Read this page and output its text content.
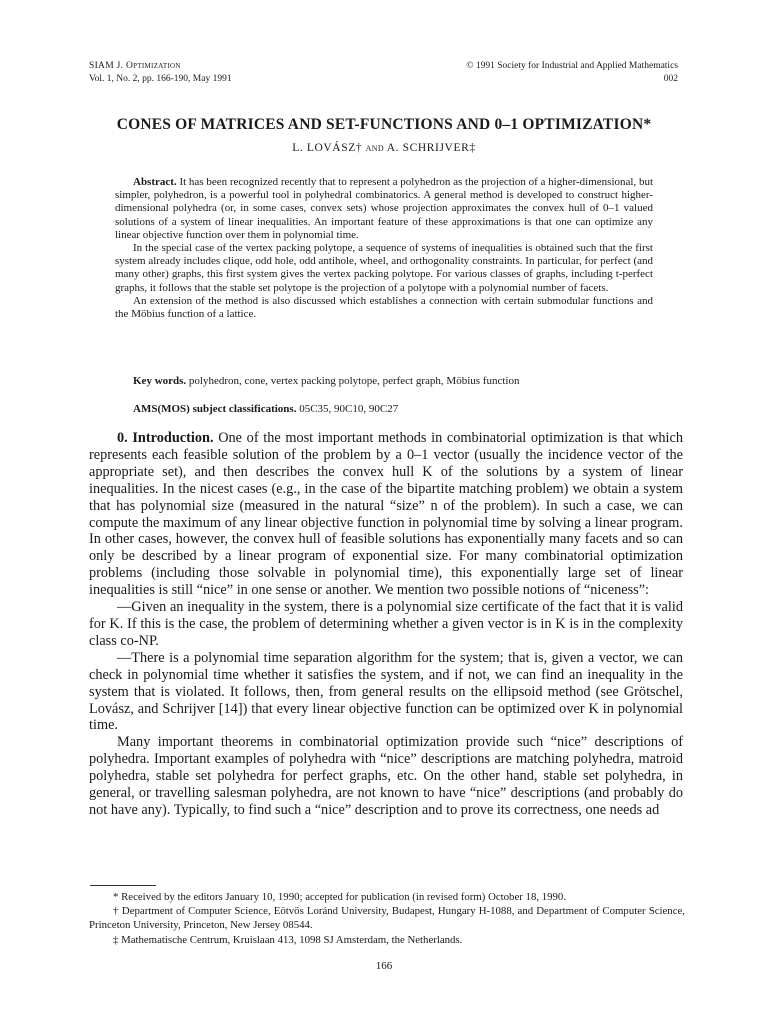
SIAM J. Optimization
Vol. 1, No. 2, pp. 166-190, May 1991
© 1991 Society for Industrial and Applied Mathematics
002
CONES OF MATRICES AND SET-FUNCTIONS AND 0–1 OPTIMIZATION*
L. LOVÁSZ† and A. SCHRIJVER‡

Abstract. It has been recognized recently that to represent a polyhedron as the projection of a higher-dimensional, but simpler, polyhedron, is a powerful tool in polyhedral combinatorics. A general method is developed to construct higher-dimensional polyhedra (or, in some cases, convex sets) whose projection approximates the convex hull of 0–1 valued solutions of a system of linear inequalities. An important feature of these approximations is that one can optimize any linear objective function over them in polynomial time.

In the special case of the vertex packing polytope, a sequence of systems of inequalities is obtained such that the first system already includes clique, odd hole, odd antihole, wheel, and orthogonality constraints. In particular, for perfect (and many other) graphs, this first system gives the vertex packing polytope. For various classes of graphs, including t-perfect graphs, it follows that the stable set polytope is the projection of a polytope with a polynomial number of facets.

An extension of the method is also discussed which establishes a connection with certain submodular functions and the Möbius function of a lattice.

Key words. polyhedron, cone, vertex packing polytope, perfect graph, Möbius function
AMS(MOS) subject classifications. 05C35, 90C10, 90C27

0. Introduction. One of the most important methods in combinatorial optimization is that which represents each feasible solution of the problem by a 0–1 vector (usually the incidence vector of the appropriate set), and then describes the convex hull K of the solutions by a system of linear inequalities. In the nicest cases (e.g., in the case of the bipartite matching problem) we obtain a system that has polynomial size (measured in the natural “size” n of the problem). In such a case, we can compute the maximum of any linear objective function in polynomial time by solving a linear program. In other cases, however, the convex hull of feasible solutions has exponentially many facets and so can only be described by a linear program of exponential size. For many combinatorial optimization problems (including those solvable in polynomial time), this exponentially large set of linear inequalities is still “nice” in one sense or another. We mention two possible notions of “niceness”:

—Given an inequality in the system, there is a polynomial size certificate of the fact that it is valid for K. If this is the case, the problem of determining whether a given vector is in K is in the complexity class co-NP.

—There is a polynomial time separation algorithm for the system; that is, given a vector, we can check in polynomial time whether it satisfies the system, and if not, we can find an inequality in the system that is violated. It follows, then, from general results on the ellipsoid method (see Grötschel, Lovász, and Schrijver [14]) that every linear objective function can be optimized over K in polynomial time.

Many important theorems in combinatorial optimization provide such “nice” descriptions of polyhedra. Important examples of polyhedra with “nice” descriptions are matching polyhedra, matroid polyhedra, stable set polyhedra for perfect graphs, etc. On the other hand, stable set polyhedra, in general, or travelling salesman polyhedra, are not known to have “nice” descriptions (and probably do not have any). Typically, to find such a “nice” description and to prove its correctness, one needs ad

* Received by the editors January 10, 1990; accepted for publication (in revised form) October 18, 1990.

† Department of Computer Science, Eötvös Loránd University, Budapest, Hungary H-1088, and Department of Computer Science, Princeton University, Princeton, New Jersey 08544.

‡ Mathematische Centrum, Kruislaan 413, 1098 SJ Amsterdam, the Netherlands.

166
